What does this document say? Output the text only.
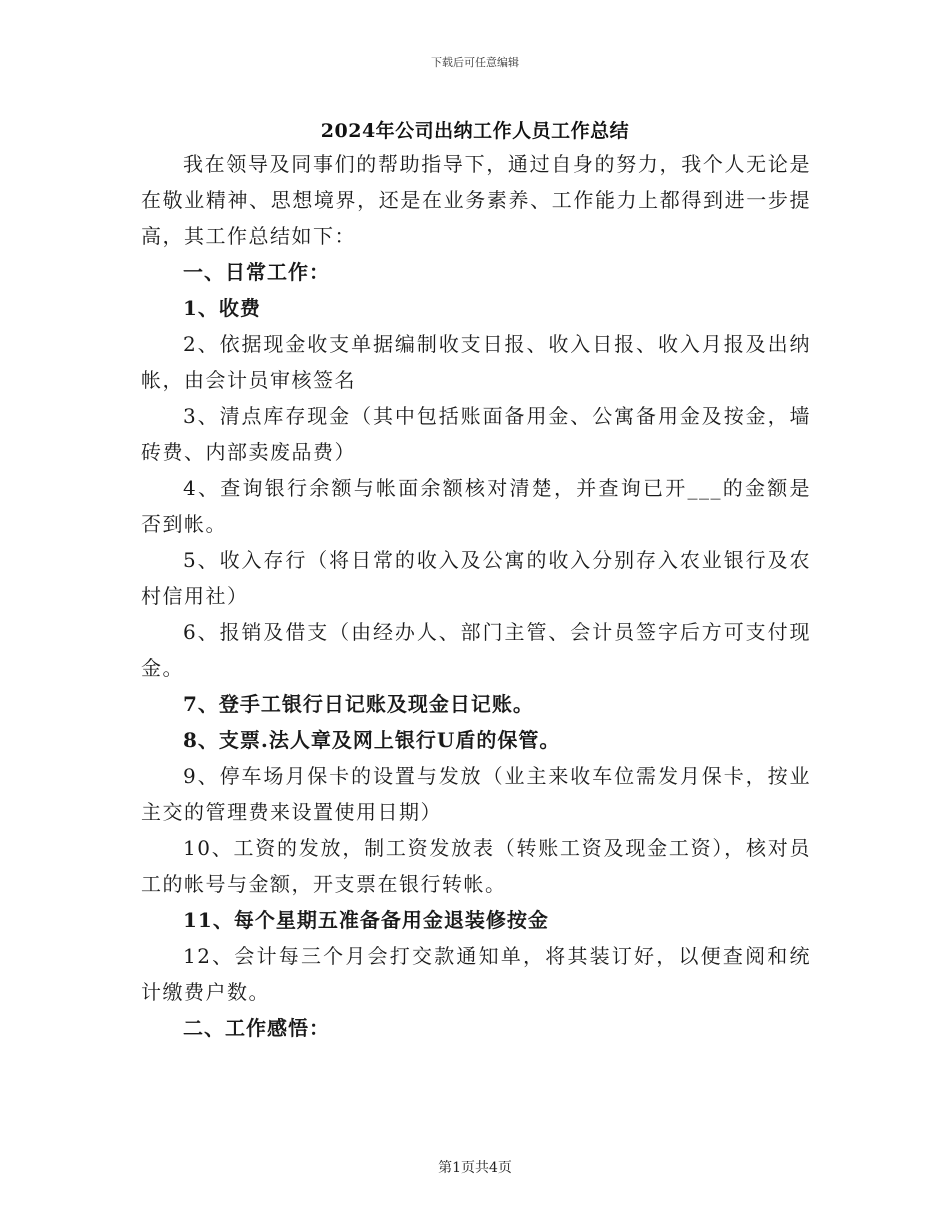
下载后可任意编辑
2024年公司出纳工作人员工作总结

我在领导及同事们的帮助指导下，通过自身的努力，我个人无论是在敬业精神、思想境界，还是在业务素养、工作能力上都得到进一步提高，其工作总结如下：

一、日常工作：

1、收费

2、依据现金收支单据编制收支日报、收入日报、收入月报及出纳帐，由会计员审核签名

3、清点库存现金（其中包括账面备用金、公寓备用金及按金，墙砖费、内部卖废品费）

4、查询银行余额与帐面余额核对清楚，并查询已开___的金额是否到帐。

5、收入存行（将日常的收入及公寓的收入分别存入农业银行及农村信用社）

6、报销及借支（由经办人、部门主管、会计员签字后方可支付现金。

7、登手工银行日记账及现金日记账。

8、支票.法人章及网上银行U盾的保管。

9、停车场月保卡的设置与发放（业主来收车位需发月保卡，按业主交的管理费来设置使用日期）

10、工资的发放，制工资发放表（转账工资及现金工资），核对员工的帐号与金额，开支票在银行转帐。

11、每个星期五准备备用金退装修按金

12、会计每三个月会打交款通知单，将其装订好，以便查阅和统计缴费户数。

二、工作感悟：

第1页共4页
